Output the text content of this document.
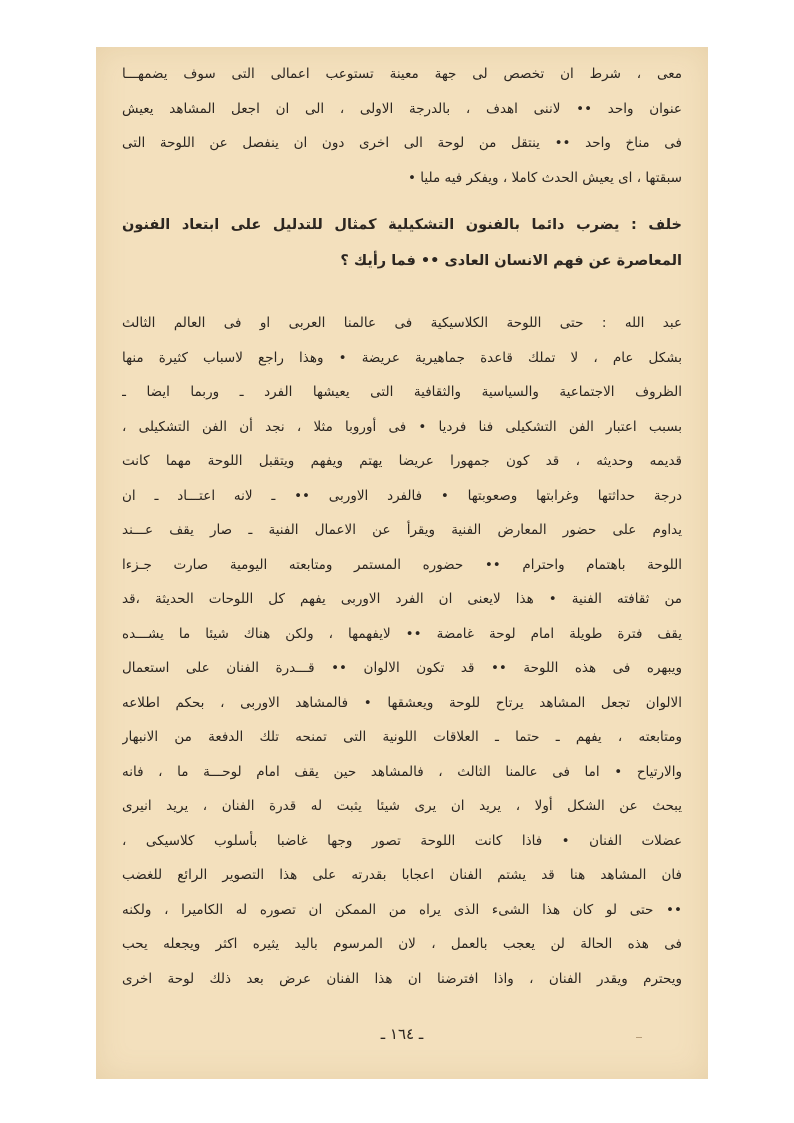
معى ، شرط ان تخصص لى جهة معينة تستوعب اعمالى التى سوف يضمهـــا
عنوان واحد •• لاننى اهدف ، بالدرجة الاولى ، الى ان اجعل المشاهد يعيش
فى مناخ واحد •• ينتقل من لوحة الى اخرى دون ان ينفصل عن اللوحة التى
سبقتها ، اى يعيش الحدث كاملا ، ويفكر فيه مليا •
خلف : يضرب دائما بالفنون التشكيلية كمثال للتدليل على ابتعاد الفنون
المعاصرة عن فهم الانسان العادى •• فما رأيك ؟
عبد الله : حتى اللوحة الكلاسيكية فى عالمنا العربى او فى العالم الثالث
بشكل عام ، لا تملك قاعدة جماهيرية عريضة • وهذا راجع لاسباب كثيرة منها
الظروف الاجتماعية والسياسية والثقافية التى يعيشها الفرد ـ وربما ايضا ـ
بسبب اعتبار الفن التشكيلى فنا فرديا • فى أوروبا مثلا ، نجد أن الفن التشكيلى ،
قديمه وحديثه ، قد كون جمهورا عريضا يهتم ويفهم ويتقبل اللوحة مهما كانت
درجة حداثتها وغرابتها وصعوبتها • فالفرد الاوربى •• ـ لانه اعتـــاد ـ ان
يداوم على حضور المعارض الفنية ويقرأ عن الاعمال الفنية ـ صار يقف عـــند
اللوحة باهتمام واحترام •• حضوره المستمر ومتابعته اليومية صارت جـزءا
من ثقافته الفنية • هذا لايعنى ان الفرد الاوربى يفهم كل اللوحات الحديثة ،قد
يقف فترة طويلة امام لوحة غامضة •• لايفهمها ، ولكن هناك شيئا ما يشـــده
ويبهره فى هذه اللوحة •• قد تكون الالوان •• قـــدرة الفنان على استعمال
الالوان تجعل المشاهد يرتاح للوحة ويعشقها • فالمشاهد الاوربى ، بحكم اطلاعه
ومتابعته ، يفهم ـ حتما ـ العلاقات اللونية التى تمنحه تلك الدفعة من الانبهار
والارتياح • اما فى عالمنا الثالث ، فالمشاهد حين يقف امام لوحـــة ما ، فانه
يبحث عن الشكل أولا ، يريد ان يرى شيئا يثبت له قدرة الفنان ، يريد انيرى
عضلات الفنان • فاذا كانت اللوحة تصور وجها غاضبا بأسلوب كلاسيكى ،
فان المشاهد هنا قد يشتم الفنان اعجابا بقدرته على هذا التصوير الرائع للغضب
•• حتى لو كان هذا الشىء الذى يراه من الممكن ان تصوره له الكاميرا ، ولكنه
فى هذه الحالة لن يعجب بالعمل ، لان المرسوم باليد يثيره اكثر ويجعله يحب
ويحترم ويقدر الفنان ، واذا افترضنا ان هذا الفنان عرض بعد ذلك لوحة اخرى
ـ ١٦٤ ـ
